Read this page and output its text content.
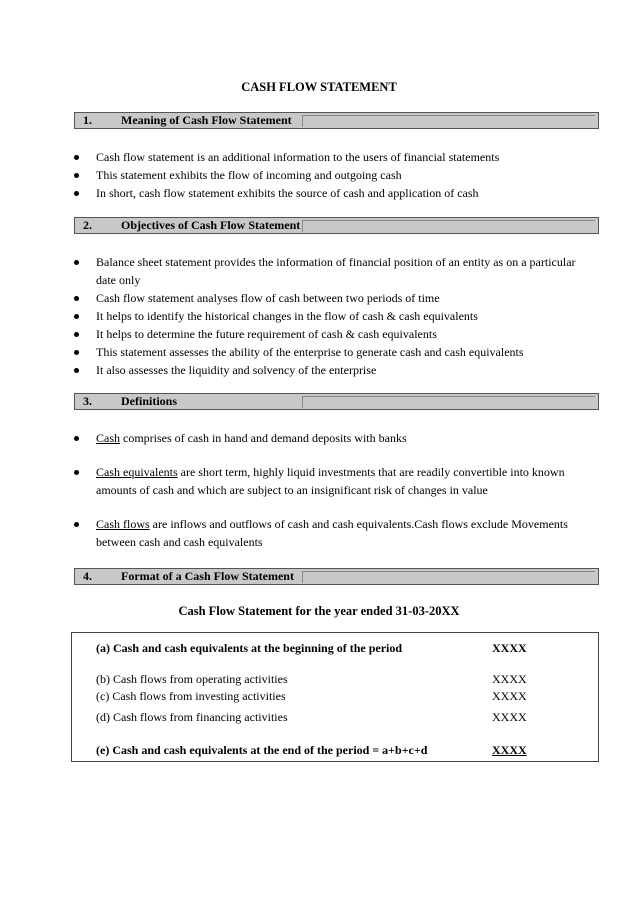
CASH FLOW STATEMENT
1. Meaning of Cash Flow Statement
Cash flow statement is an additional information to the users of financial statements
This statement exhibits the flow of incoming and outgoing cash
In short, cash flow statement exhibits the source of cash and application of cash
2. Objectives of Cash Flow Statement
Balance sheet statement provides the information of financial position of an entity as on a particular date only
Cash flow statement analyses flow of cash between two periods of time
It helps to identify the historical changes in the flow of cash & cash equivalents
It helps to determine the future requirement of cash & cash equivalents
This statement assesses the ability of the enterprise to generate cash and cash equivalents
It also assesses the liquidity and solvency of the enterprise
3. Definitions
Cash comprises of cash in hand and demand deposits with banks
Cash equivalents are short term, highly liquid investments that are readily convertible into known amounts of cash and which are subject to an insignificant risk of changes in value
Cash flows are inflows and outflows of cash and cash equivalents.Cash flows exclude Movements between cash and cash equivalents
4. Format of a Cash Flow Statement
Cash Flow Statement for the year ended 31-03-20XX
(a) Cash and cash equivalents at the beginning of the period	XXXX
(b) Cash flows from operating activities	XXXX
(c) Cash flows from investing activities	XXXX
(d) Cash flows from financing activities	XXXX
(e) Cash and cash equivalents at the end of the period = a+b+c+d	XXXX
